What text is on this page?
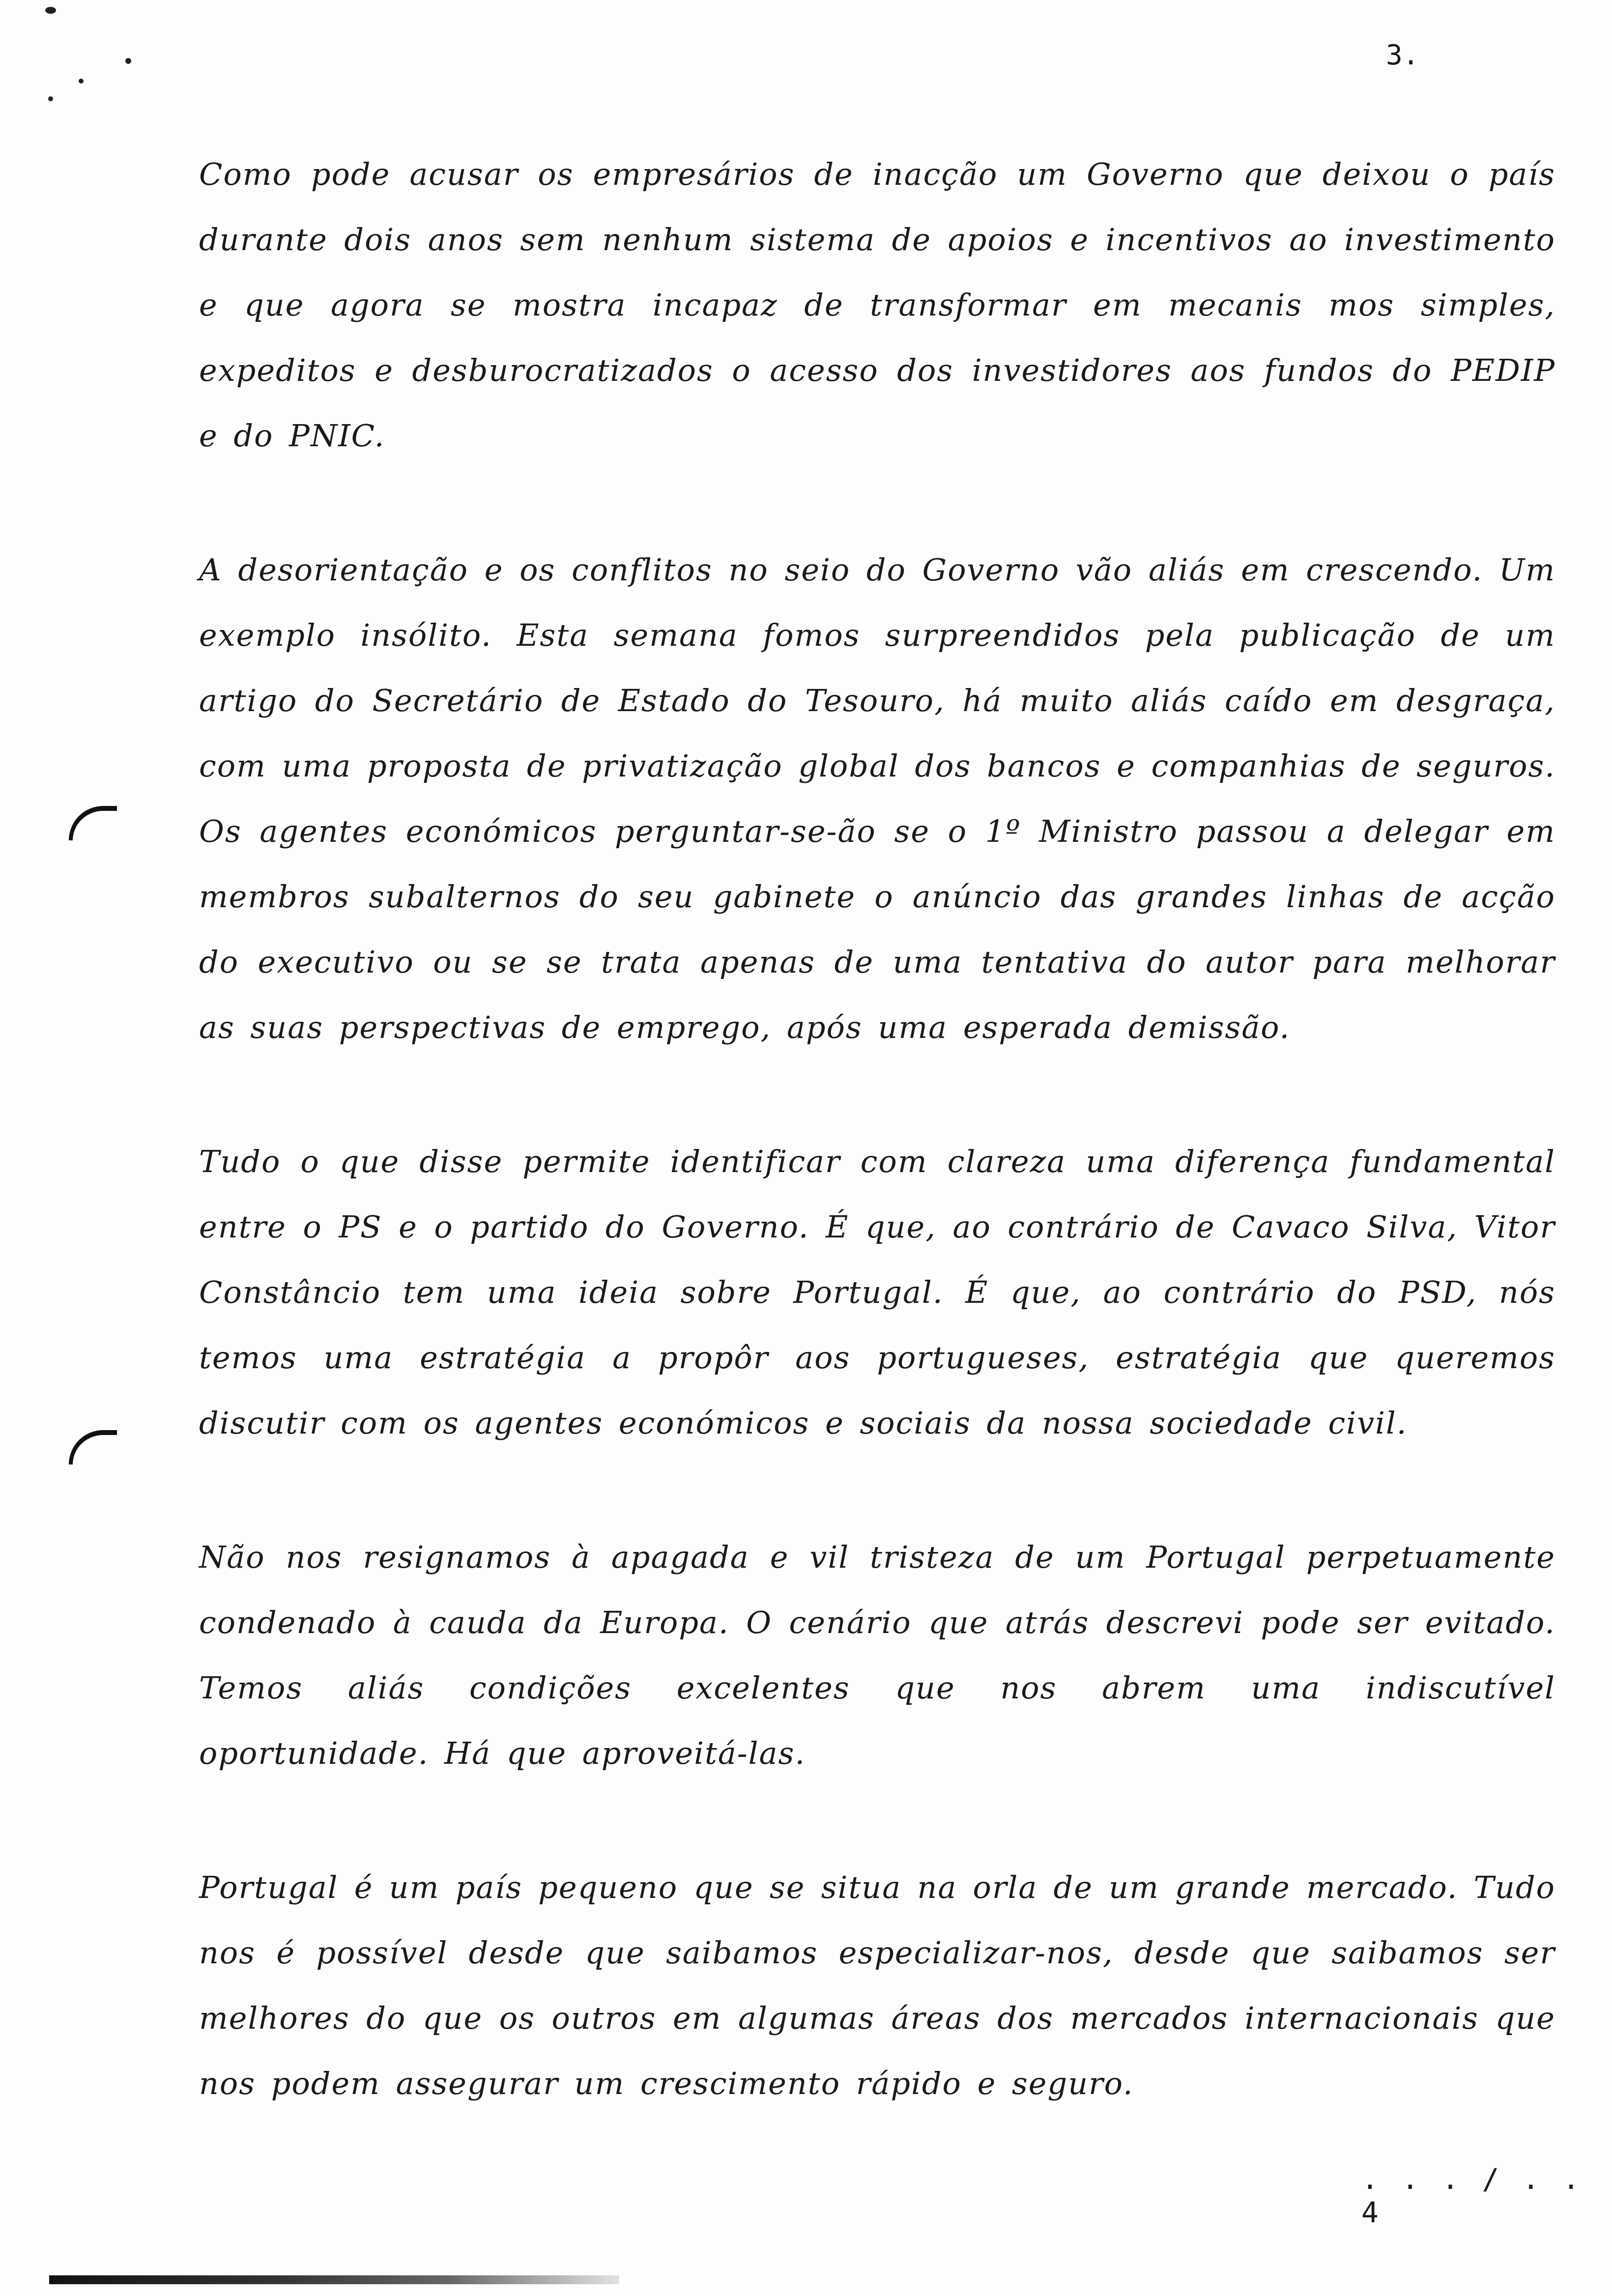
3.

Como pode acusar os empresários de inacção um Governo que deixou o país durante dois anos sem nenhum sistema de apoios e incentivos ao investimento e que agora se mostra incapaz de transformar em mecanis mos simples, expeditos e desburocratizados o acesso dos investidores aos fundos do PEDIP e do PNIC.

A desorientação e os conflitos no seio do Governo vão aliás em crescendo. Um exemplo insólito. Esta semana fomos surpreendidos pela publicação de um artigo do Secretário de Estado do Tesouro, há muito aliás caído em desgraça, com uma proposta de privatização global dos bancos e companhias de seguros. Os agentes económicos perguntar-se-ão se o 1º Ministro passou a delegar em membros subalternos do seu gabinete o anúncio das grandes linhas de acção do executivo ou se se trata apenas de uma tentativa do autor para melhorar as suas perspectivas de emprego, após uma esperada demissão.

Tudo o que disse permite identificar com clareza uma diferença fundamental entre o PS e o partido do Governo. É que, ao contrário de Cavaco Silva, Vitor Constâncio tem uma ideia sobre Portugal. É que, ao contrário do PSD, nós temos uma estratégia a propôr aos portugueses, estratégia que queremos discutir com os agentes económicos e sociais da nossa sociedade civil.

Não nos resignamos à apagada e vil tristeza de um Portugal perpetuamente condenado à cauda da Europa. O cenário que atrás descrevi pode ser evitado. Temos aliás condições excelentes que nos abrem uma indiscutível oportunidade. Há que aproveitá-las.

Portugal é um país pequeno que se situa na orla de um grande mercado. Tudo nos é possível desde que saibamos especializar-nos, desde que saibamos ser melhores do que os outros em algumas áreas dos mercados internacionais que nos podem assegurar um crescimento rápido e seguro.

. . . / . . 4
